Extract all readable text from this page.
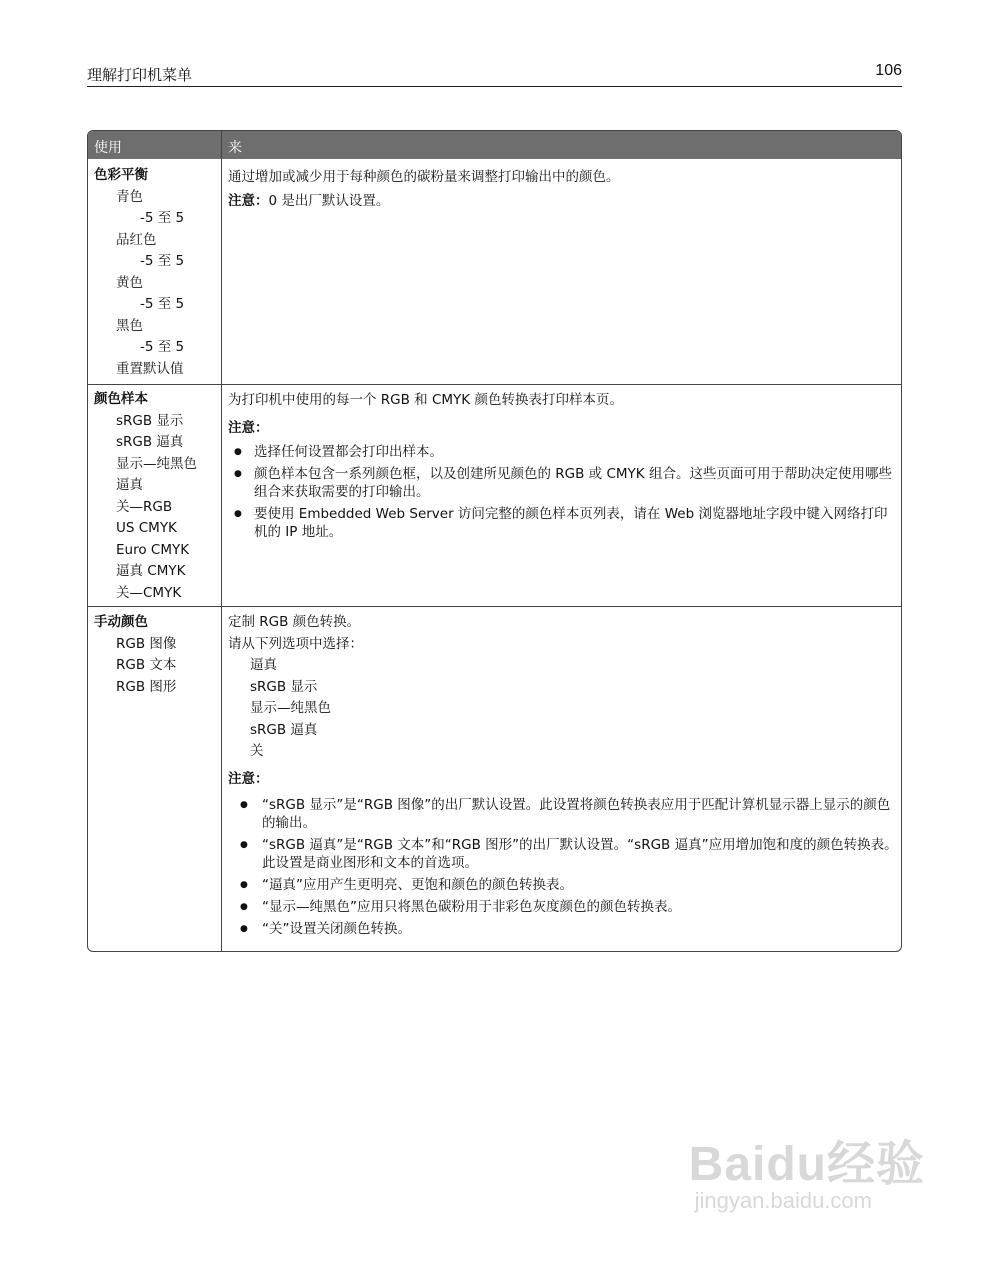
理解打印机菜单	106
使用	来
色彩平衡
青色
-5 至 5
品红色
-5 至 5
黄色
-5 至 5
黑色
-5 至 5
重置默认值

通过增加或减少用于每种颜色的碳粉量来调整打印输出中的颜色。

注意：0 是出厂默认设置。

颜色样本
sRGB 显示
sRGB 逼真
显示—纯黑色
逼真
关—RGB
US CMYK
Euro CMYK
逼真 CMYK
关—CMYK

为打印机中使用的每一个 RGB 和 CMYK 颜色转换表打印样本页。

注意：

● 选择任何设置都会打印出样本。
● 颜色样本包含一系列颜色框，以及创建所见颜色的 RGB 或 CMYK 组合。这些页面可用于帮助决定使用哪些组合来获取需要的打印输出。
● 要使用 Embedded Web Server 访问完整的颜色样本页列表，请在 Web 浏览器地址字段中键入网络打印机的 IP 地址。
手动颜色
RGB 图像
RGB 文本
RGB 图形

定制 RGB 颜色转换。

请从下列选项中选择：

逼真
sRGB 显示
显示—纯黑色
sRGB 逼真
关

注意：

● “sRGB 显示”是“RGB 图像”的出厂默认设置。此设置将颜色转换表应用于匹配计算机显示器上显示的颜色的输出。
● “sRGB 逼真”是“RGB 文本”和“RGB 图形”的出厂默认设置。“sRGB 逼真”应用增加饱和度的颜色转换表。此设置是商业图形和文本的首选项。
● “逼真”应用产生更明亮、更饱和颜色的颜色转换表。
● “显示—纯黑色”应用只将黑色碳粉用于非彩色灰度颜色的颜色转换表。
● “关”设置关闭颜色转换。
Baidu经验
jingyan.baidu.com
